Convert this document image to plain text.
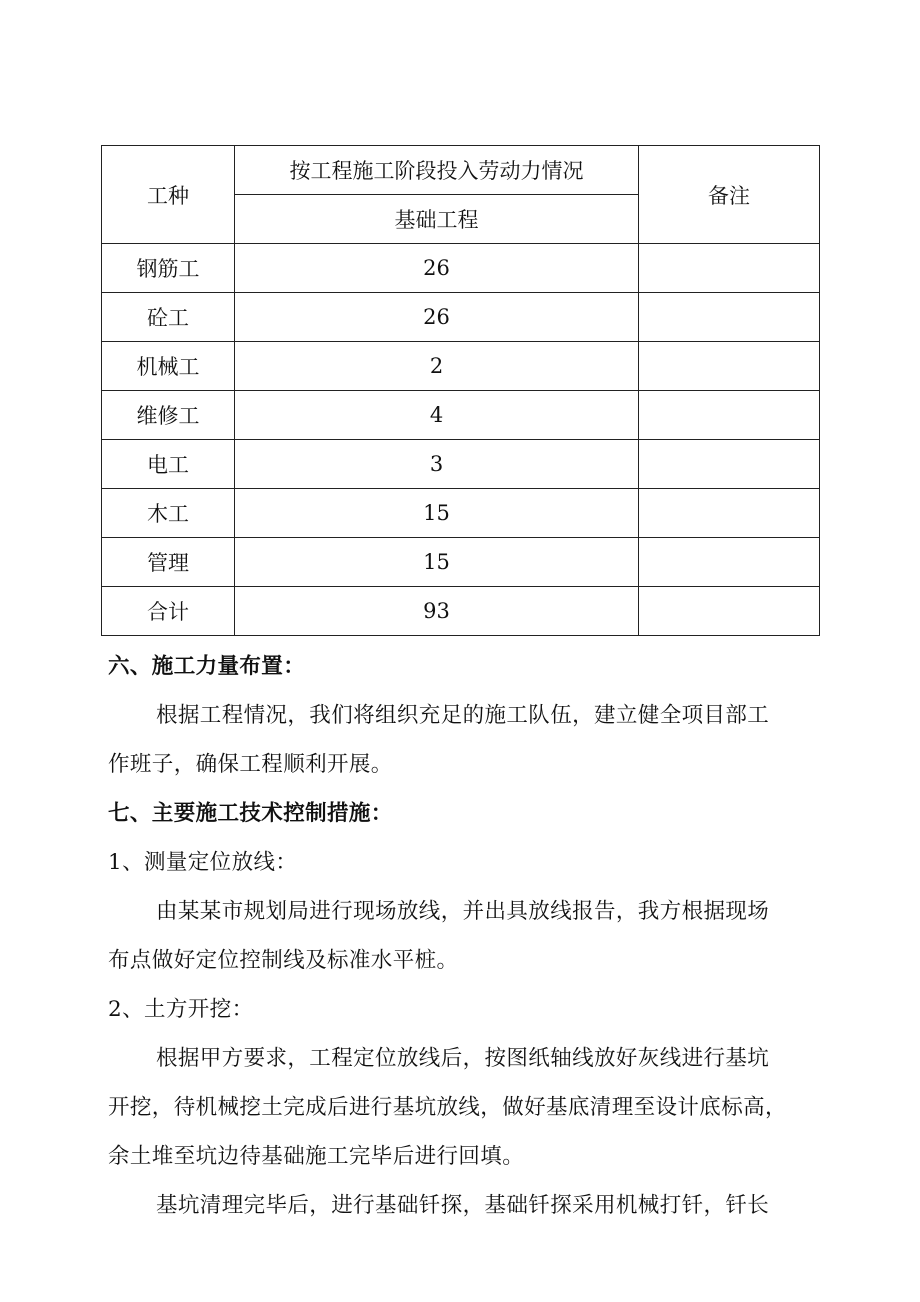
工种	按工程施工阶段投入劳动力情况	备注
	基础工程	
钢筋工	26	
砼工	26	
机械工	2	
维修工	4	
电工	3	
木工	15	
管理	15	
合计	93	
六、施工力量布置：
根据工程情况，我们将组织充足的施工队伍，建立健全项目部工
作班子，确保工程顺利开展。
七、主要施工技术控制措施：
1、测量定位放线：
由某某市规划局进行现场放线，并出具放线报告，我方根据现场
布点做好定位控制线及标准水平桩。
2、土方开挖：
根据甲方要求，工程定位放线后，按图纸轴线放好灰线进行基坑
开挖，待机械挖土完成后进行基坑放线，做好基底清理至设计底标高，
余土堆至坑边待基础施工完毕后进行回填。
基坑清理完毕后，进行基础钎探，基础钎探采用机械打钎，钎长
